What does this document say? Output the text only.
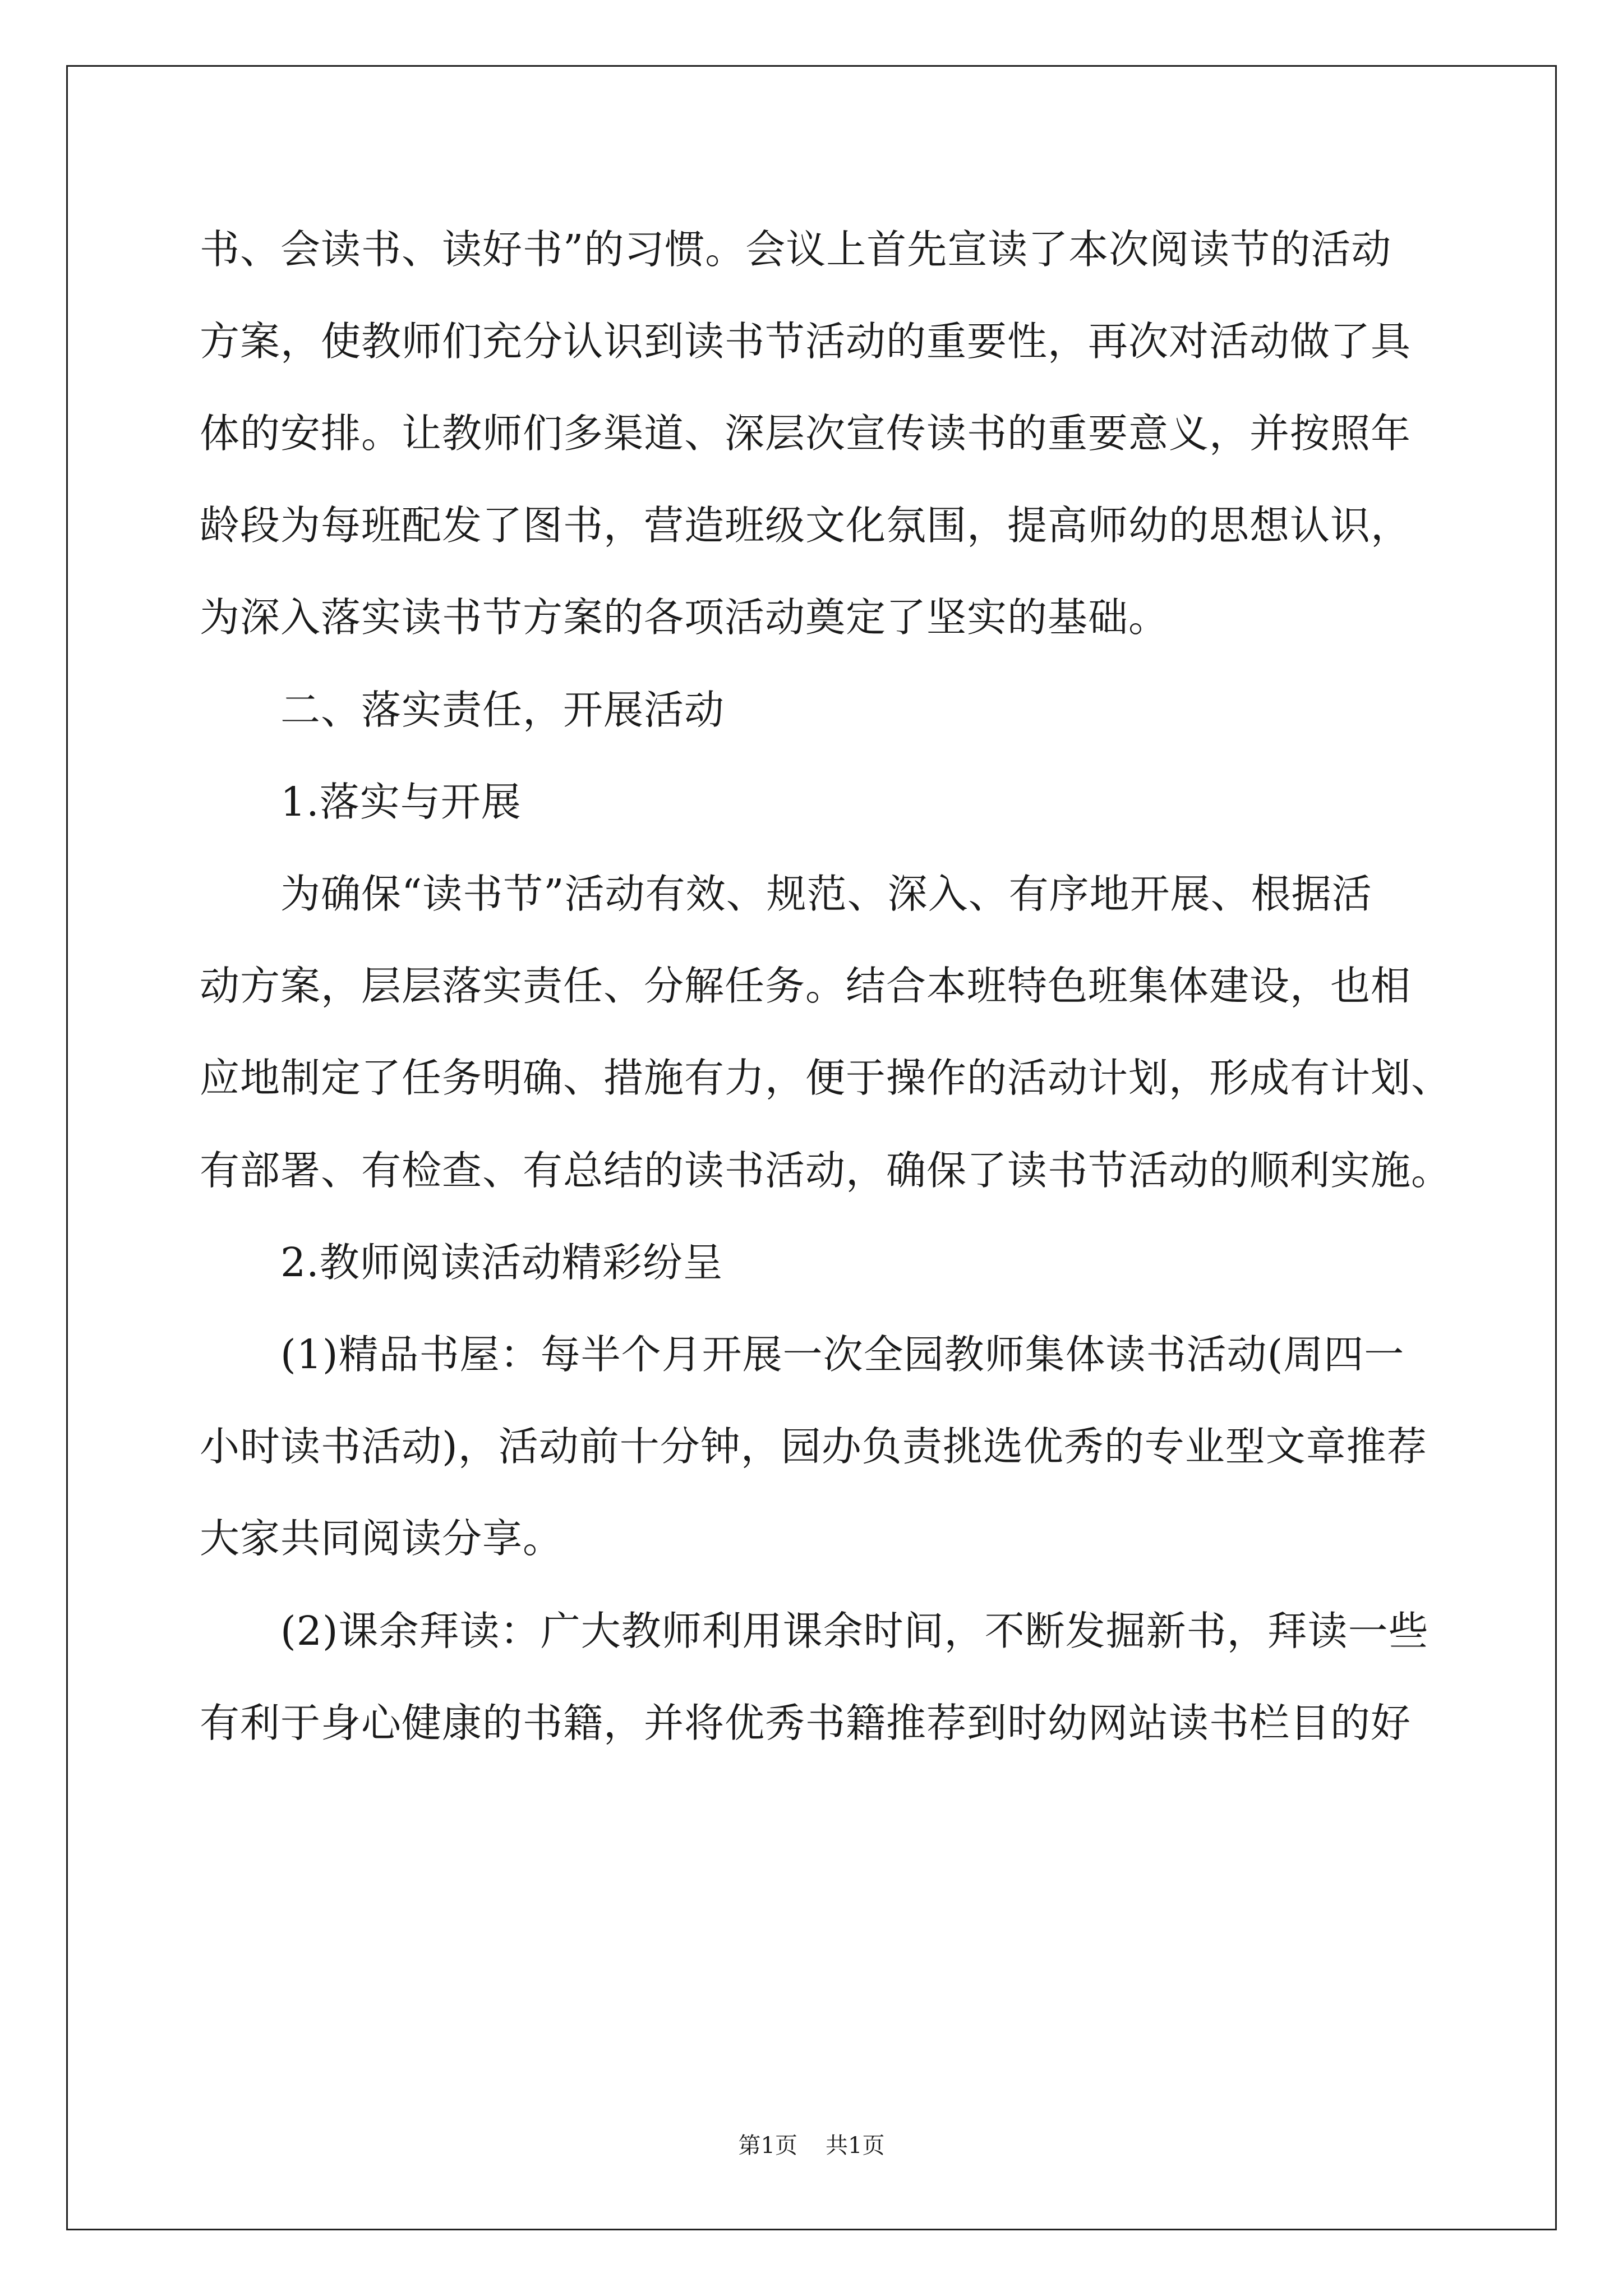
书、会读书、读好书”的习惯。会议上首先宣读了本次阅读节的活动
方案，使教师们充分认识到读书节活动的重要性，再次对活动做了具
体的安排。让教师们多渠道、深层次宣传读书的重要意义，并按照年
龄段为每班配发了图书，营造班级文化氛围，提高师幼的思想认识，
为深入落实读书节方案的各项活动奠定了坚实的基础。
二、落实责任，开展活动
1.落实与开展
为确保“读书节”活动有效、规范、深入、有序地开展、根据活
动方案，层层落实责任、分解任务。结合本班特色班集体建设，也相
应地制定了任务明确、措施有力，便于操作的活动计划，形成有计划、
有部署、有检查、有总结的读书活动，确保了读书节活动的顺利实施。
2.教师阅读活动精彩纷呈
(1)精品书屋：每半个月开展一次全园教师集体读书活动(周四一
小时读书活动)，活动前十分钟，园办负责挑选优秀的专业型文章推荐
大家共同阅读分享。
(2)课余拜读：广大教师利用课余时间，不断发掘新书，拜读一些
有利于身心健康的书籍，并将优秀书籍推荐到时幼网站读书栏目的好
第1页 共1页
